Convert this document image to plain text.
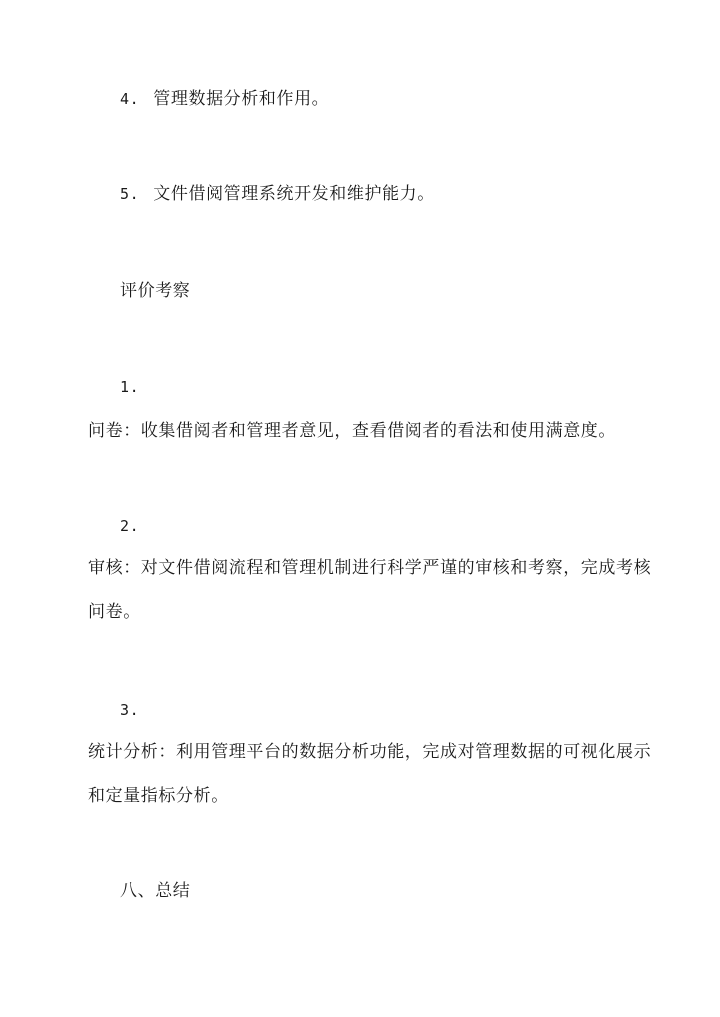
4. 管理数据分析和作用。
5. 文件借阅管理系统开发和维护能力。
评价考察
1.
问卷：收集借阅者和管理者意见，查看借阅者的看法和使用满意度。
2.
审核：对文件借阅流程和管理机制进行科学严谨的审核和考察，完成考核
问卷。
3.
统计分析：利用管理平台的数据分析功能，完成对管理数据的可视化展示
和定量指标分析。
八、总结
